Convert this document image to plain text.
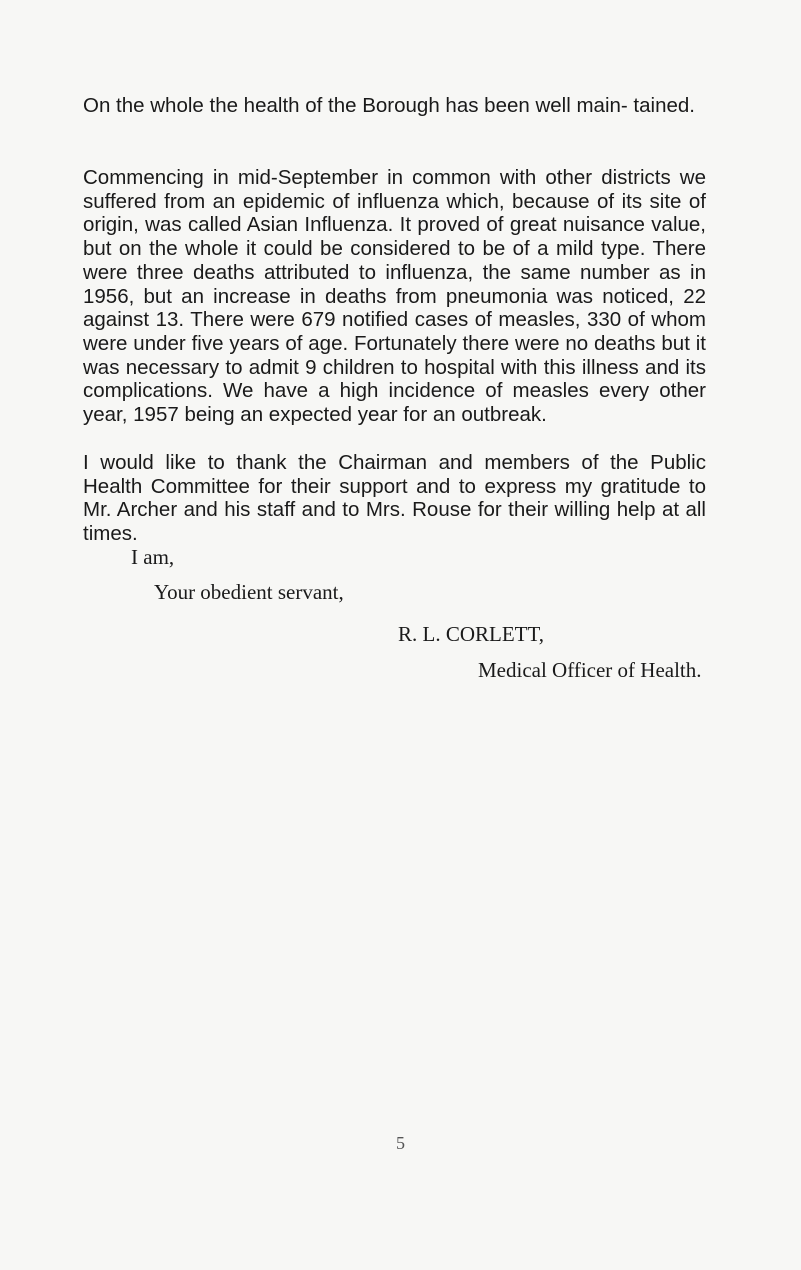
On the whole the health of the Borough has been well main- tained.

Commencing in mid-September in common with other districts we suffered from an epidemic of influenza which, because of its site of origin, was called Asian Influenza. It proved of great nuisance value, but on the whole it could be considered to be of a mild type. There were three deaths attributed to influenza, the same number as in 1956, but an increase in deaths from pneumonia was noticed, 22 against 13. There were 679 notified cases of measles, 330 of whom were under five years of age. Fortunately there were no deaths but it was necessary to admit 9 children to hospital with this illness and its complications. We have a high incidence of measles every other year, 1957 being an expected year for an outbreak.

I would like to thank the Chairman and members of the Public Health Committee for their support and to express my gratitude to Mr. Archer and his staff and to Mrs. Rouse for their willing help at all times.

I am,

Your obedient servant,

R. L. CORLETT,

Medical Officer of Health.

5
